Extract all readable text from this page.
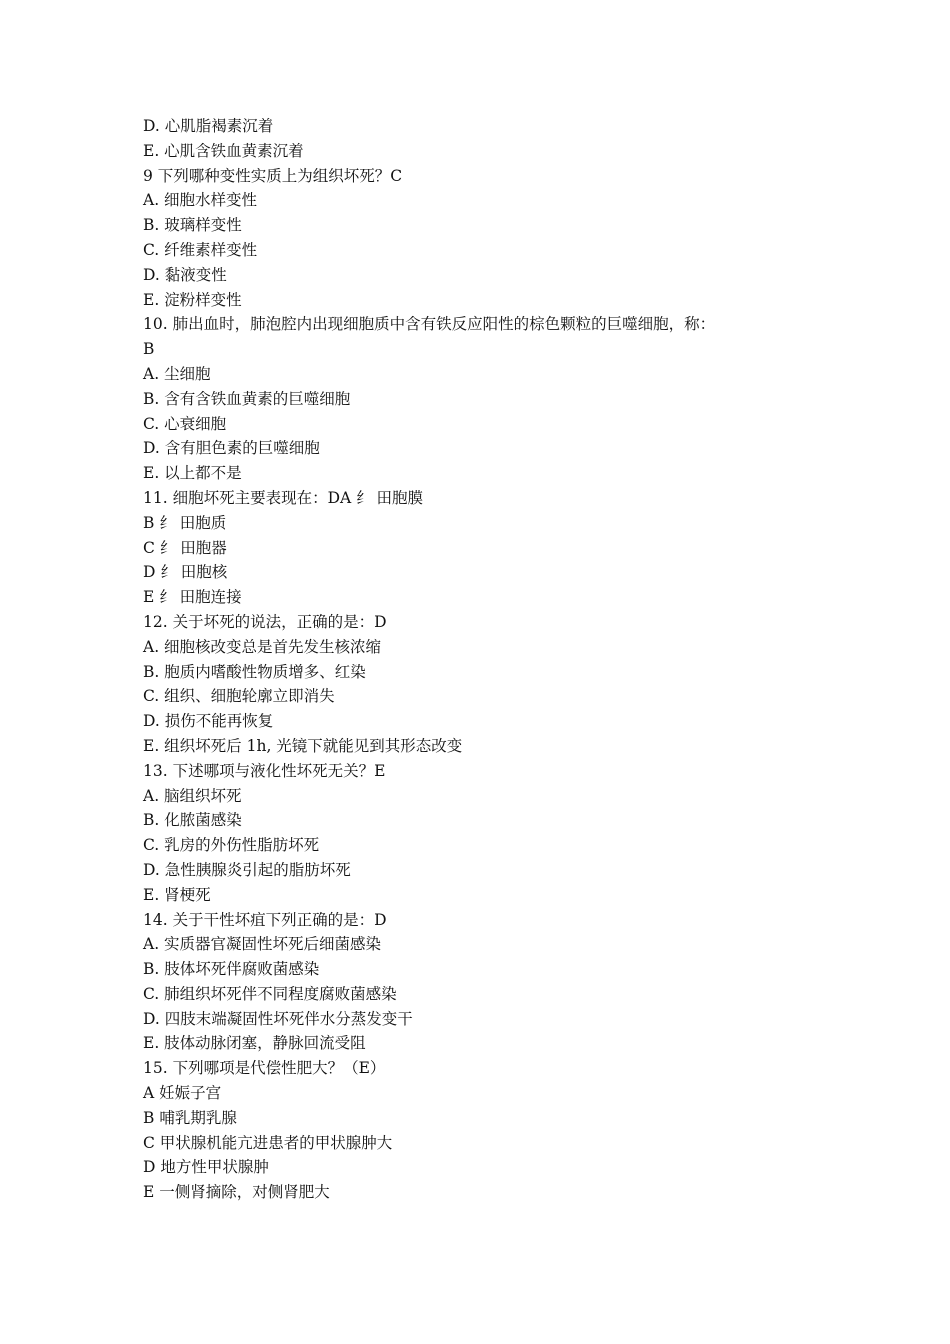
D. 心肌脂褐素沉着
E. 心肌含铁血黄素沉着
9 下列哪种变性实质上为组织坏死？C
A. 细胞水样变性
B. 玻璃样变性
C. 纤维素样变性
D. 黏液变性
E. 淀粉样变性
10. 肺出血时，肺泡腔内出现细胞质中含有铁反应阳性的棕色颗粒的巨噬细胞，称：
B
A. 尘细胞
B. 含有含铁血黄素的巨噬细胞
C. 心衰细胞
D. 含有胆色素的巨噬细胞
E. 以上都不是
11. 细胞坏死主要表现在：DA 纟 田胞膜
B 纟 田胞质
C 纟 田胞器
D 纟 田胞核
E 纟 田胞连接
12. 关于坏死的说法，正确的是：D
A. 细胞核改变总是首先发生核浓缩
B. 胞质内嗜酸性物质增多、红染
C. 组织、细胞轮廓立即消失
D. 损伤不能再恢复
E. 组织坏死后 1h, 光镜下就能见到其形态改变
13. 下述哪项与液化性坏死无关？E
A. 脑组织坏死
B. 化脓菌感染
C. 乳房的外伤性脂肪坏死
D. 急性胰腺炎引起的脂肪坏死
E. 肾梗死
14. 关于干性坏疽下列正确的是：D
A. 实质器官凝固性坏死后细菌感染
B. 肢体坏死伴腐败菌感染
C. 肺组织坏死伴不同程度腐败菌感染
D. 四肢末端凝固性坏死伴水分蒸发变干
E. 肢体动脉闭塞，静脉回流受阻
15. 下列哪项是代偿性肥大？（E）
A 妊娠子宫
B 哺乳期乳腺
C 甲状腺机能亢进患者的甲状腺肿大
D 地方性甲状腺肿
E 一侧肾摘除，对侧肾肥大
